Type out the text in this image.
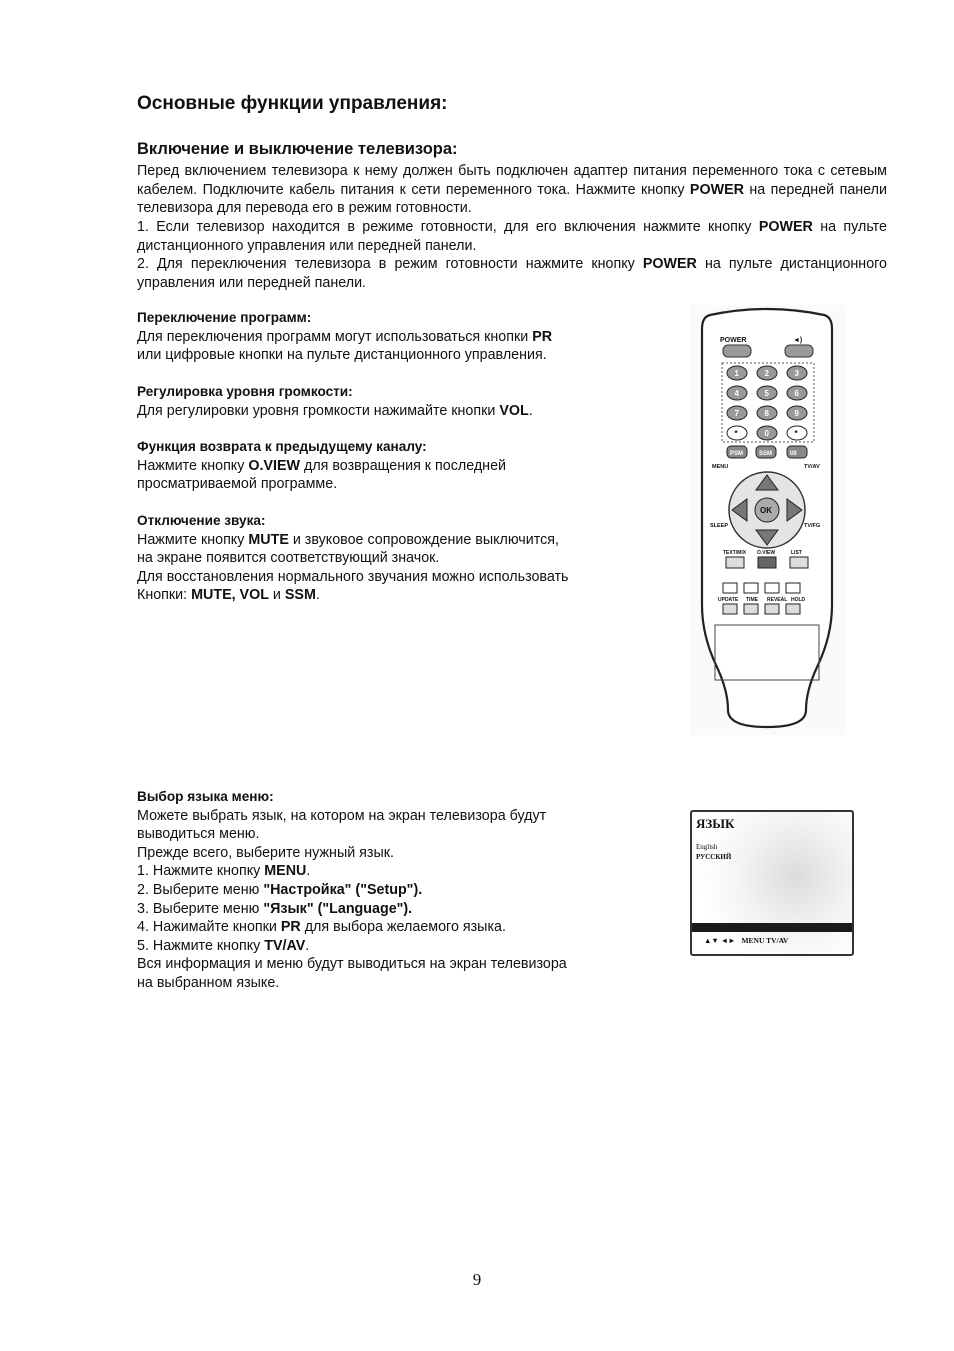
Основные функции управления:
Включение и выключение телевизора:

Перед включением телевизора к нему должен быть подключен адаптер питания переменного тока с сетевым кабелем. Подключите кабель питания к сети переменного тока. Нажмите кнопку POWER на передней панели телевизора для перевода его в режим готовности.

1. Если телевизор находится в режиме готовности, для его включения нажмите кнопку POWER на пульте дистанционного управления или передней панели.

2. Для переключения телевизора в режим готовности нажмите кнопку POWER на пульте дистанционного управления или передней панели.

Переключение программ:
Для переключения программ могут использоваться кнопки PR
или цифровые кнопки на пульте дистанционного управления.
Регулировка уровня громкости:
Для регулировки уровня громкости нажимайте кнопки VOL.
Функция возврата к предыдущему каналу:
Нажмите кнопку O.VIEW для возвращения к последней
просматриваемой программе.
Отключение звука:
Нажмите кнопку MUTE и звуковое сопровождение выключится,
на экране появится соответствующий значок.
Для восстановления нормального звучания можно использовать
Кнопки: MUTE, VOL и SSM.
Выбор языка меню:
Можете выбрать язык, на котором на экран телевизора будут
выводиться меню.
Прежде всего, выберите нужный язык.
1. Нажмите кнопку MENU.
2. Выберите меню "Настройка" ("Setup").
3. Выберите меню "Язык" ("Language").
4. Нажимайте кнопки PR для выбора желаемого языка.
5. Нажмите кнопку TV/AV.
Вся информация и меню будут выводиться на экран телевизора
на выбранном языке.
POWER	◄)
1	2	3
4	5	6
7	8	9
*	0	*
PSM	SSM	I/II
MENU	TV/AV
OK
SLEEP	TV/FG
TEXT/MIX O.VIEW	LIST
UPDATE TIME REVEAL HOLD
ЯЗЫК
English
РУССКИЙ
▲▼ ◄► MENU TV/AV
9
